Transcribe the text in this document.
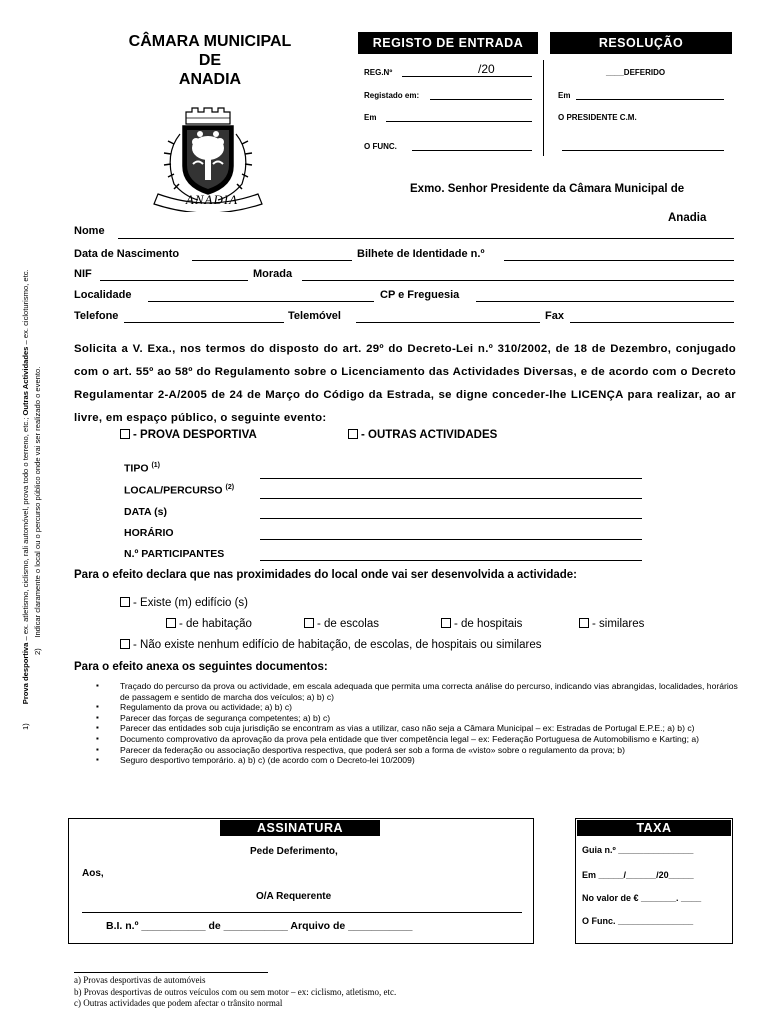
1)         Prova desportiva – ex. atletismo, ciclismo, rali automóvel, prova todo o terreno, etc.; Outras Actividades – ex. cicloturismo, etc.
2)     Indicar claramente o local ou o percurso público onde vai ser realizado o evento.
CÂMARA MUNICIPAL
DE
ANADIA
ANADIA
REGISTO DE ENTRADA
REG.Nº	/20
Registado em:
Em
O FUNC.
RESOLUÇÃO
____DEFERIDO
Em
O PRESIDENTE C.M.
Exmo. Senhor Presidente da Câmara Municipal de
Anadia
Nome
Data de Nascimento	Bilhete de Identidade n.º
NIF	Morada
Localidade	CP e Freguesia
Telefone	Telemóvel	Fax
Solicita a V. Exa., nos termos do disposto do art. 29º do Decreto-Lei n.º 310/2002, de 18 de Dezembro, conjugado com o art. 55º ao 58º do Regulamento sobre o Licenciamento das Actividades Diversas, e de acordo com o Decreto Regulamentar 2-A/2005 de 24 de Março do Código da Estrada, se digne conceder-lhe LICENÇA para realizar, ao ar livre, em espaço público, o seguinte evento:
- PROVA DESPORTIVA	- OUTRAS ACTIVIDADES
TIPO $^{(1)}$
LOCAL/PERCURSO $^{(2)}$
DATA (s)
HORÁRIO
N.º PARTICIPANTES
Para o efeito declara que nas proximidades do local onde vai ser desenvolvida a actividade:
- Existe (m) edifício (s)
- de habitação	- de escolas	- de hospitais	- similares
- Não existe nenhum edifício de habitação, de escolas, de hospitais ou similares
Para o efeito anexa os seguintes documentos:
▪ Traçado do percurso da prova ou actividade, em escala adequada que permita uma correcta análise do percurso, indicando vias abrangidas, localidades, horários de passagem e sentido de marcha dos veículos; a) b) c)
▪ Regulamento da prova ou actividade; a) b) c)
▪ Parecer das forças de segurança competentes; a) b) c)
▪ Parecer das entidades sob cuja jurisdição se encontram as vias a utilizar, caso não seja a Câmara Municipal – ex: Estradas de Portugal E.P.E.; a) b) c)
▪ Documento comprovativo da aprovação da prova pela entidade que tiver competência legal – ex: Federação Portuguesa de Automobilismo e Karting; a)
▪ Parecer da federação ou associação desportiva respectiva, que poderá ser sob a forma de «visto» sobre o regulamento da prova; b)
▪ Seguro desportivo temporário. a) b) c) (de acordo com o Decreto-lei 10/2009)
ASSINATURA
Pede Deferimento,
Aos,
O/A Requerente
B.I. n.º ___________ de ___________ Arquivo de ___________
TAXA
Guia n.º _______________
Em _____/______/20_____
No valor de € _______. ____
O Func. _______________
a) Provas desportivas de automóveis
b) Provas desportivas de outros veículos com ou sem motor – ex: ciclismo, atletismo, etc.
c) Outras actividades que podem afectar o trânsito normal
